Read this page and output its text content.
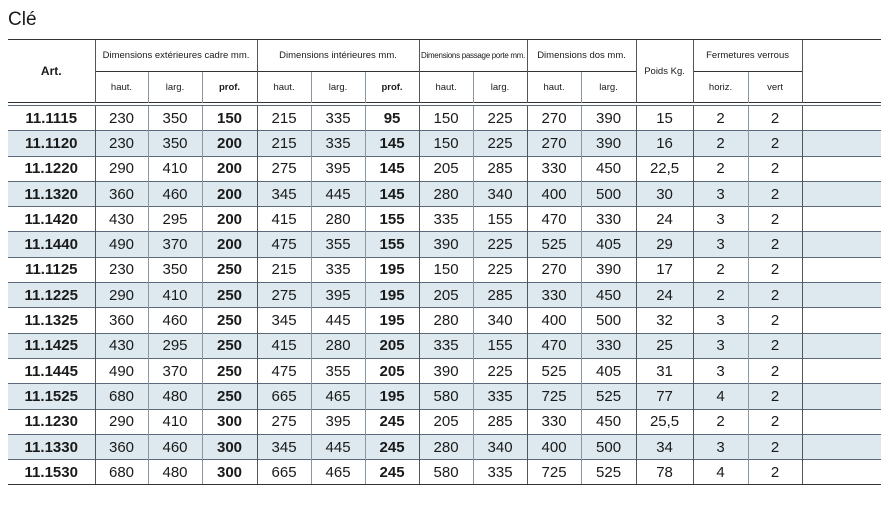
Clé
Art.	Dimensions extérieures cadre mm.			Dimensions intérieures mm.			Dimensions passage porte mm.		Dimensions dos mm.		Poids Kg.	Fermetures verrous		
	haut.	larg.	prof.	haut.	larg.	prof.	haut.	larg.	haut.	larg.		horiz.	vert	

11.1115	230	350	150	215	335	95	150	225	270	390	15	2	2	
11.1120	230	350	200	215	335	145	150	225	270	390	16	2	2	
11.1220	290	410	200	275	395	145	205	285	330	450	22,5	2	2	
11.1320	360	460	200	345	445	145	280	340	400	500	30	3	2	
11.1420	430	295	200	415	280	155	335	155	470	330	24	3	2	
11.1440	490	370	200	475	355	155	390	225	525	405	29	3	2	
11.1125	230	350	250	215	335	195	150	225	270	390	17	2	2	
11.1225	290	410	250	275	395	195	205	285	330	450	24	2	2	
11.1325	360	460	250	345	445	195	280	340	400	500	32	3	2	
11.1425	430	295	250	415	280	205	335	155	470	330	25	3	2	
11.1445	490	370	250	475	355	205	390	225	525	405	31	3	2	
11.1525	680	480	250	665	465	195	580	335	725	525	77	4	2	
11.1230	290	410	300	275	395	245	205	285	330	450	25,5	2	2	
11.1330	360	460	300	345	445	245	280	340	400	500	34	3	2	
11.1530	680	480	300	665	465	245	580	335	725	525	78	4	2	
